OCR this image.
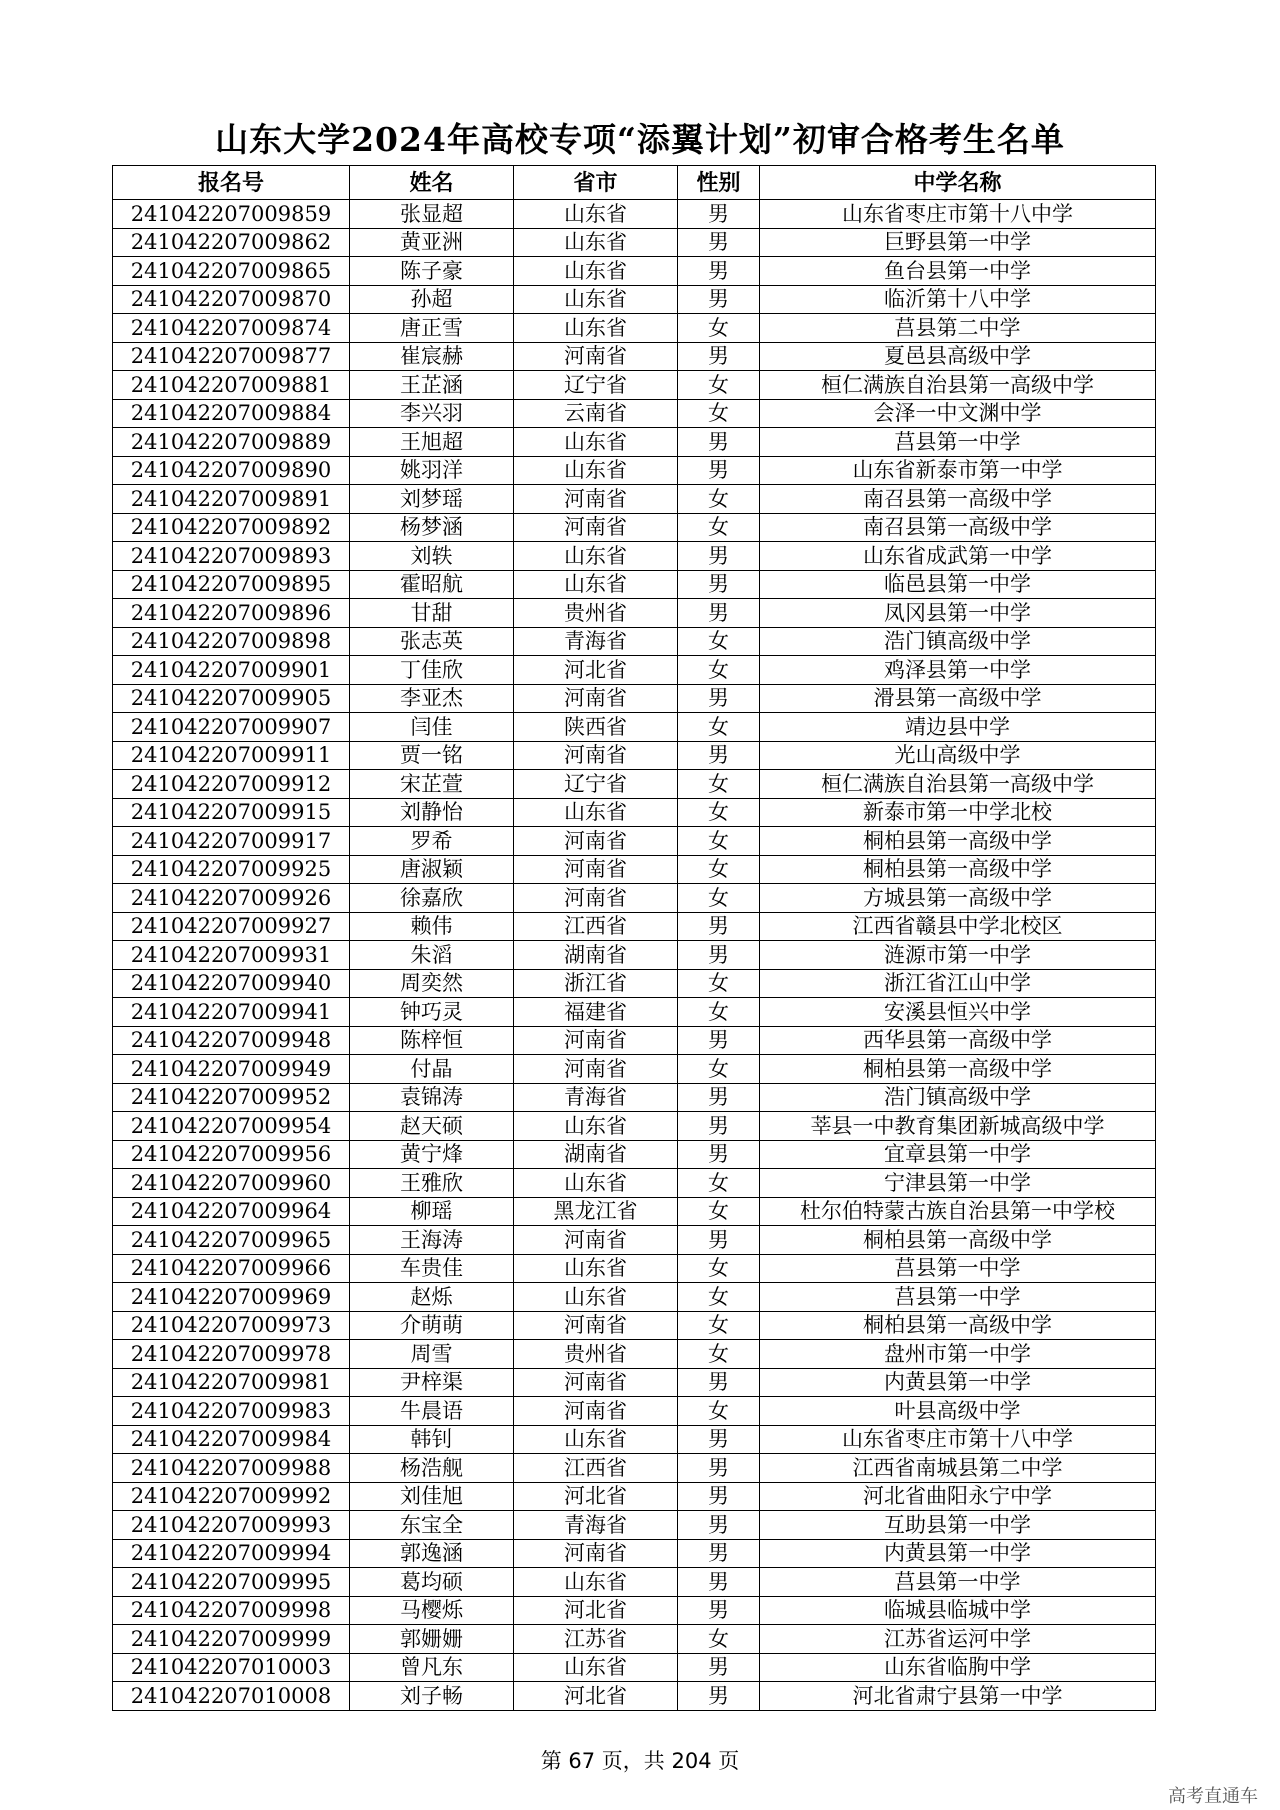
山东大学2024年高校专项“添翼计划”初审合格考生名单
报名号	姓名	省市	性别	中学名称
241042207009859	张显超	山东省	男	山东省枣庄市第十八中学
241042207009862	黄亚洲	山东省	男	巨野县第一中学
241042207009865	陈子豪	山东省	男	鱼台县第一中学
241042207009870	孙超	山东省	男	临沂第十八中学
241042207009874	唐正雪	山东省	女	莒县第二中学
241042207009877	崔宸赫	河南省	男	夏邑县高级中学
241042207009881	王芷涵	辽宁省	女	桓仁满族自治县第一高级中学
241042207009884	李兴羽	云南省	女	会泽一中文渊中学
241042207009889	王旭超	山东省	男	莒县第一中学
241042207009890	姚羽洋	山东省	男	山东省新泰市第一中学
241042207009891	刘梦瑶	河南省	女	南召县第一高级中学
241042207009892	杨梦涵	河南省	女	南召县第一高级中学
241042207009893	刘轶	山东省	男	山东省成武第一中学
241042207009895	霍昭航	山东省	男	临邑县第一中学
241042207009896	甘甜	贵州省	男	凤冈县第一中学
241042207009898	张志英	青海省	女	浩门镇高级中学
241042207009901	丁佳欣	河北省	女	鸡泽县第一中学
241042207009905	李亚杰	河南省	男	滑县第一高级中学
241042207009907	闫佳	陕西省	女	靖边县中学
241042207009911	贾一铭	河南省	男	光山高级中学
241042207009912	宋芷萱	辽宁省	女	桓仁满族自治县第一高级中学
241042207009915	刘静怡	山东省	女	新泰市第一中学北校
241042207009917	罗希	河南省	女	桐柏县第一高级中学
241042207009925	唐淑颖	河南省	女	桐柏县第一高级中学
241042207009926	徐嘉欣	河南省	女	方城县第一高级中学
241042207009927	赖伟	江西省	男	江西省赣县中学北校区
241042207009931	朱滔	湖南省	男	涟源市第一中学
241042207009940	周奕然	浙江省	女	浙江省江山中学
241042207009941	钟巧灵	福建省	女	安溪县恒兴中学
241042207009948	陈梓恒	河南省	男	西华县第一高级中学
241042207009949	付晶	河南省	女	桐柏县第一高级中学
241042207009952	袁锦涛	青海省	男	浩门镇高级中学
241042207009954	赵天硕	山东省	男	莘县一中教育集团新城高级中学
241042207009956	黄宁烽	湖南省	男	宜章县第一中学
241042207009960	王雅欣	山东省	女	宁津县第一中学
241042207009964	柳瑶	黑龙江省	女	杜尔伯特蒙古族自治县第一中学校
241042207009965	王海涛	河南省	男	桐柏县第一高级中学
241042207009966	车贵佳	山东省	女	莒县第一中学
241042207009969	赵烁	山东省	女	莒县第一中学
241042207009973	介萌萌	河南省	女	桐柏县第一高级中学
241042207009978	周雪	贵州省	女	盘州市第一中学
241042207009981	尹梓渠	河南省	男	内黄县第一中学
241042207009983	牛晨语	河南省	女	叶县高级中学
241042207009984	韩钊	山东省	男	山东省枣庄市第十八中学
241042207009988	杨浩舰	江西省	男	江西省南城县第二中学
241042207009992	刘佳旭	河北省	男	河北省曲阳永宁中学
241042207009993	东宝全	青海省	男	互助县第一中学
241042207009994	郭逸涵	河南省	男	内黄县第一中学
241042207009995	葛均硕	山东省	男	莒县第一中学
241042207009998	马樱烁	河北省	男	临城县临城中学
241042207009999	郭姗姗	江苏省	女	江苏省运河中学
241042207010003	曾凡东	山东省	男	山东省临朐中学
241042207010008	刘子畅	河北省	男	河北省肃宁县第一中学
第 67 页，共 204 页
高考直通车
